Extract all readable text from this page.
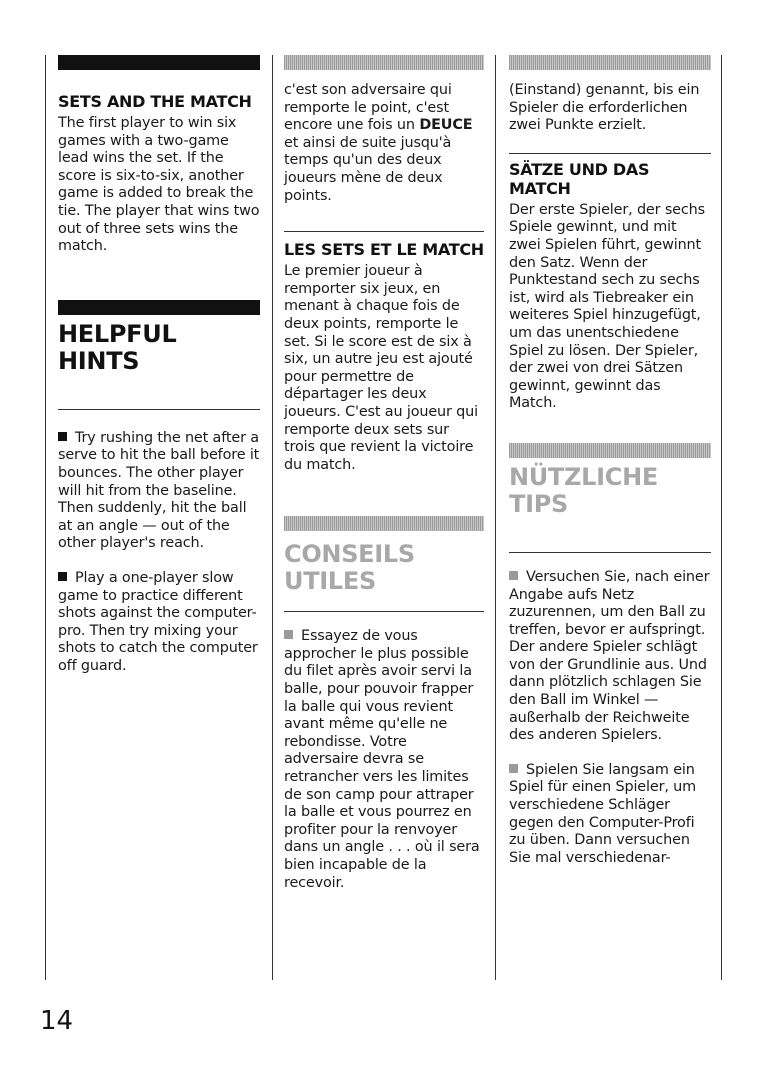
SETS AND THE MATCH

The first player to win six games with a two-game lead wins the set. If the score is six-to-six, another game is added to break the tie. The player that wins two out of three sets wins the match.

HELPFUL HINTS

Try rushing the net after a serve to hit the ball before it bounces. The other player will hit from the baseline. Then suddenly, hit the ball at an angle — out of the other player's reach.

Play a one-player slow game to practice different shots against the computer-pro. Then try mixing your shots to catch the computer off guard.

c'est son adversaire qui remporte le point, c'est encore une fois un DEUCE et ainsi de suite jusqu'à temps qu'un des deux joueurs mène de deux points.

LES SETS ET LE MATCH

Le premier joueur à remporter six jeux, en menant à chaque fois de deux points, remporte le set. Si le score est de six à six, un autre jeu est ajouté pour permettre de départager les deux joueurs. C'est au joueur qui remporte deux sets sur trois que revient la victoire du match.

CONSEILS
UTILES

Essayez de vous approcher le plus possible du filet après avoir servi la balle, pour pouvoir frapper la balle qui vous revient avant même qu'elle ne rebondisse. Votre adversaire devra se retrancher vers les limites de son camp pour attraper la balle et vous pourrez en profiter pour la renvoyer dans un angle . . . où il sera bien incapable de la recevoir.

(Einstand) genannt, bis ein Spieler die erforderlichen zwei Punkte erzielt.

SÄTZE UND DAS
MATCH

Der erste Spieler, der sechs Spiele gewinnt, und mit zwei Spielen führt, gewinnt den Satz. Wenn der Punktestand sech zu sechs ist, wird als Tiebreaker ein weiteres Spiel hinzugefügt, um das unentschiedene Spiel zu lösen. Der Spieler, der zwei von drei Sätzen gewinnt, gewinnt das Match.

NÜTZLICHE TIPS

Versuchen Sie, nach einer Angabe aufs Netz zuzurennen, um den Ball zu treffen, bevor er aufspringt. Der andere Spieler schlägt von der Grundlinie aus. Und dann plötzlich schlagen Sie den Ball im Winkel — außerhalb der Reichweite des anderen Spielers.

Spielen Sie langsam ein Spiel für einen Spieler, um verschiedene Schläger gegen den Computer-Profi zu üben. Dann versuchen Sie mal verschiedenar-

14
